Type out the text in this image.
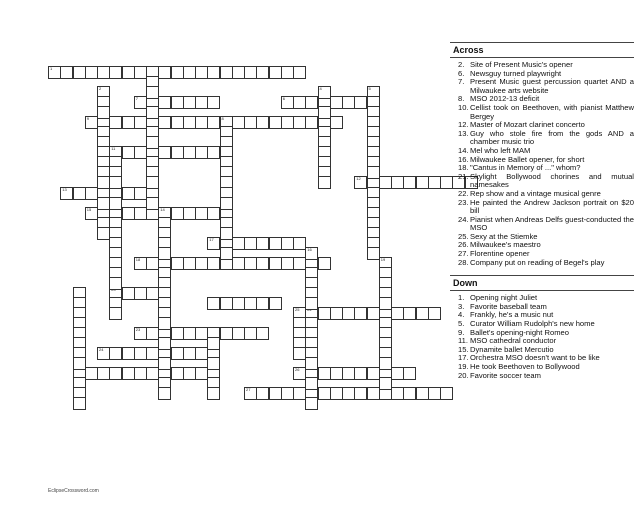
1
7	6
9	8
11
12
13
15	14
17
18
23
24
26
27
2	4	5
16
19
25
EclipseCrossword.com
Across
2. Site of Present Music's opener
6. Newsguy turned playwright
7. Present Music guest percussion quartet AND a Milwaukee arts website
8. MSO 2012-13 deficit
10. Cellist took on Beethoven, with pianist Matthew Bergey
12. Master of Mozart clarinet concerto
13. Guy who stole fire from the gods AND a chamber music trio
14. Mel who left MAM
16. Milwaukee Ballet opener, for short
18. "Cantus in Memory of ..." whom?
21. Skylight Bollywood chorines and mutual namesakes
22. Rep show and a vintage musical genre
23. He painted the Andrew Jackson portrait on $20 bill
24. Pianist when Andreas Delfs guest-conducted the MSO
25. Sexy at the Stiemke
26. Milwaukee's maestro
27. Florentine opener
28. Company put on reading of Begel's play
Down
1. Opening night Juliet
3. Favorite baseball team
4. Frankly, he's a music nut
5. Curator William Rudolph's new home
9. Ballet's opening-night Romeo
11. MSO cathedral conductor
15. Dynamite ballet Mercutio
17. Orchestra MSO doesn't want to be like
19. He took Beethoven to Bollywood
20. Favorite soccer team
